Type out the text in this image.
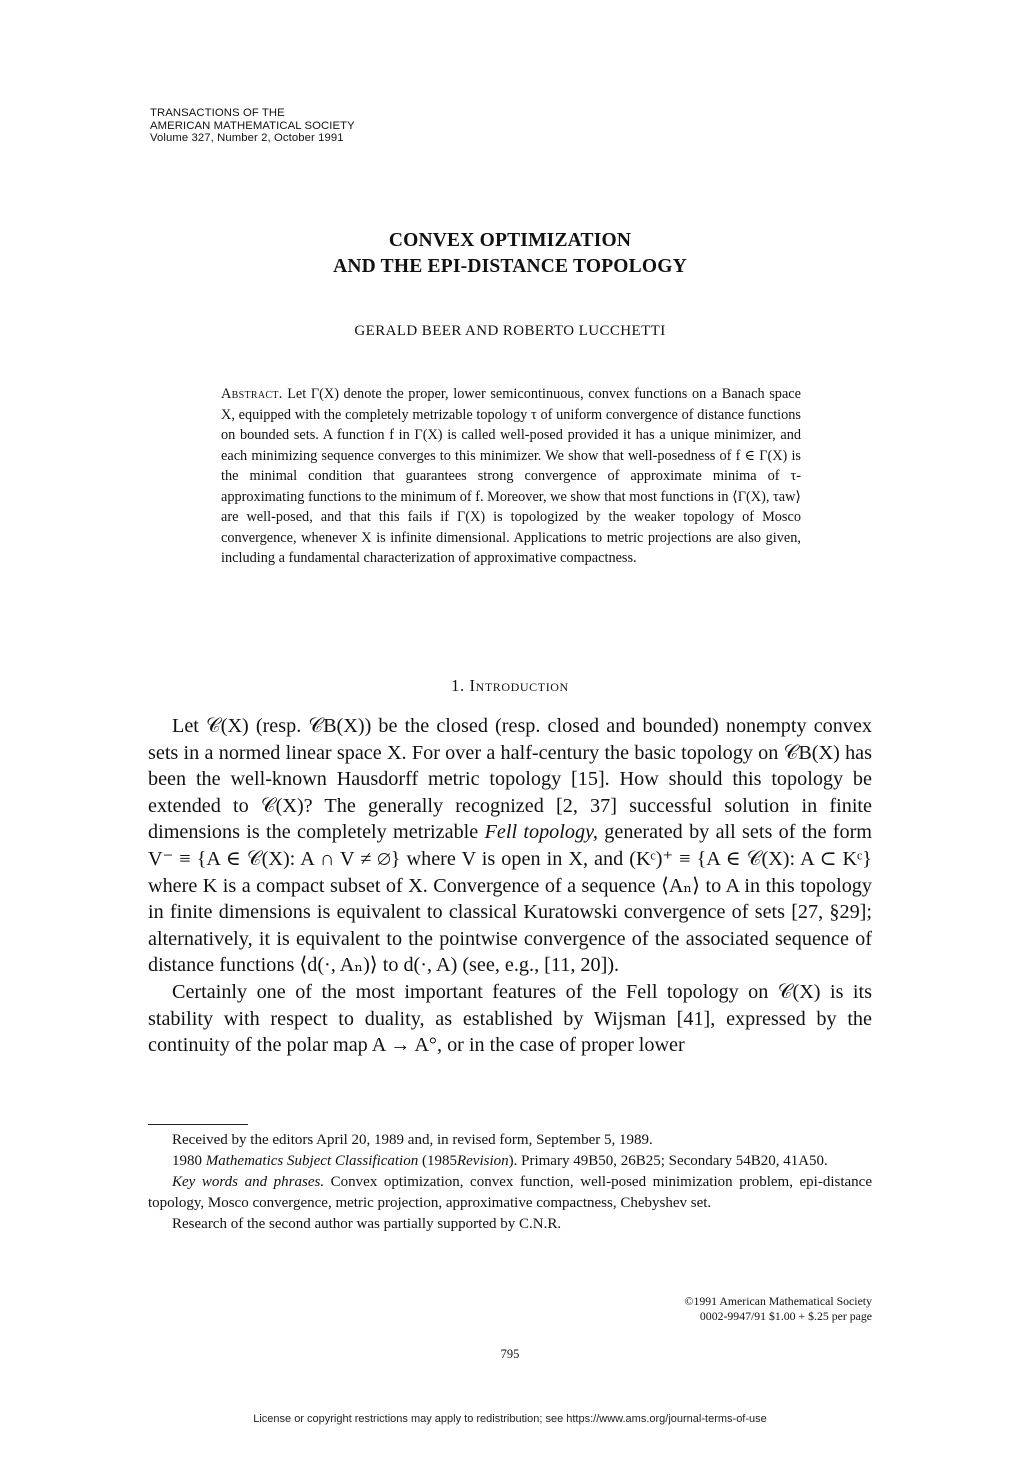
TRANSACTIONS OF THE
AMERICAN MATHEMATICAL SOCIETY
Volume 327, Number 2, October 1991
CONVEX OPTIMIZATION
AND THE EPI-DISTANCE TOPOLOGY
GERALD BEER AND ROBERTO LUCCHETTI
Abstract. Let Γ(X) denote the proper, lower semicontinuous, convex functions on a Banach space X, equipped with the completely metrizable topology τ of uniform convergence of distance functions on bounded sets. A function f in Γ(X) is called well-posed provided it has a unique minimizer, and each minimizing sequence converges to this minimizer. We show that well-posedness of f ∈ Γ(X) is the minimal condition that guarantees strong convergence of approximate minima of τ-approximating functions to the minimum of f. Moreover, we show that most functions in ⟨Γ(X), τaw⟩ are well-posed, and that this fails if Γ(X) is topologized by the weaker topology of Mosco convergence, whenever X is infinite dimensional. Applications to metric projections are also given, including a fundamental characterization of approximative compactness.
1. Introduction

Let 𝒞(X) (resp. 𝒞B(X)) be the closed (resp. closed and bounded) nonempty convex sets in a normed linear space X. For over a half-century the basic topology on 𝒞B(X) has been the well-known Hausdorff metric topology [15]. How should this topology be extended to 𝒞(X)? The generally recognized [2, 37] successful solution in finite dimensions is the completely metrizable Fell topology, generated by all sets of the form V⁻ ≡ {A ∈ 𝒞(X): A ∩ V ≠ ∅} where V is open in X, and (Kᶜ)⁺ ≡ {A ∈ 𝒞(X): A ⊂ Kᶜ} where K is a compact subset of X. Convergence of a sequence ⟨Aₙ⟩ to A in this topology in finite dimensions is equivalent to classical Kuratowski convergence of sets [27, §29]; alternatively, it is equivalent to the pointwise convergence of the associated sequence of distance functions ⟨d(·, Aₙ)⟩ to d(·, A) (see, e.g., [11, 20]).

Certainly one of the most important features of the Fell topology on 𝒞(X) is its stability with respect to duality, as established by Wijsman [41], expressed by the continuity of the polar map A → A°, or in the case of proper lower

Received by the editors April 20, 1989 and, in revised form, September 5, 1989.

1980 Mathematics Subject Classification (1985Revision). Primary 49B50, 26B25; Secondary 54B20, 41A50.

Key words and phrases. Convex optimization, convex function, well-posed minimization problem, epi-distance topology, Mosco convergence, metric projection, approximative compactness, Chebyshev set.

Research of the second author was partially supported by C.N.R.

©1991 American Mathematical Society
0002-9947/91 $1.00 + $.25 per page
795
License or copyright restrictions may apply to redistribution; see https://www.ams.org/journal-terms-of-use
